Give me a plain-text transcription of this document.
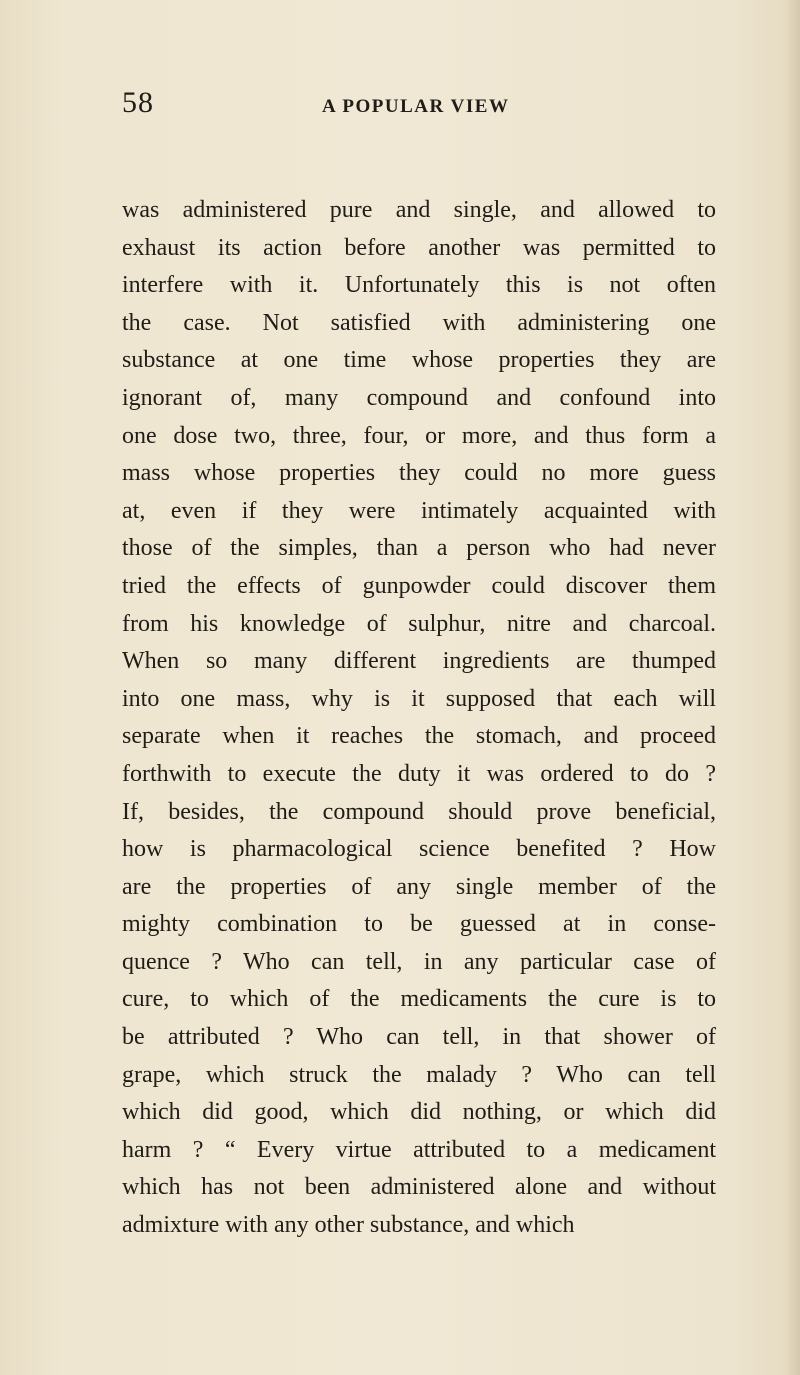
58	A POPULAR VIEW
was administered pure and single, and allowed to
exhaust its action before another was permitted to
interfere with it. Unfortunately this is not often
the case. Not satisfied with administering one
substance at one time whose properties they are
ignorant of, many compound and confound into
one dose two, three, four, or more, and thus form a
mass whose properties they could no more guess
at, even if they were intimately acquainted with
those of the simples, than a person who had never
tried the effects of gunpowder could discover them
from his knowledge of sulphur, nitre and charcoal.
When so many different ingredients are thumped
into one mass, why is it supposed that each will
separate when it reaches the stomach, and proceed
forthwith to execute the duty it was ordered to do ?
If, besides, the compound should prove beneficial,
how is pharmacological science benefited ? How
are the properties of any single member of the
mighty combination to be guessed at in conse-
quence ? Who can tell, in any particular case of
cure, to which of the medicaments the cure is to
be attributed ? Who can tell, in that shower of
grape, which struck the malady ? Who can tell
which did good, which did nothing, or which did
harm ? “ Every virtue attributed to a medicament
which has not been administered alone and without
admixture with any other substance, and which
